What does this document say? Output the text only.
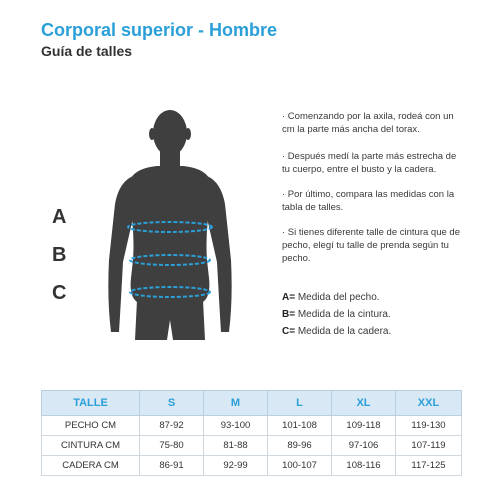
Corporal superior - Hombre
Guía de talles
A
B
C
· Comenzando por la axila, rodeá con un cm la parte más ancha del torax.
· Después medí la parte más estrecha de tu cuerpo, entre el busto y la cadera.
· Por último, compara las medidas con la tabla de talles.
· Si tienes diferente talle de cintura que de pecho, elegí tu talle de prenda según tu pecho.
A= Medida del pecho.
B= Medida de la cintura.
C= Medida de la cadera.
TALLE	S	M	L	XL	XXL
PECHO CM	87-92	93-100	101-108	109-118	119-130
CINTURA CM	75-80	81-88	89-96	97-106	107-119
CADERA CM	86-91	92-99	100-107	108-116	117-125
